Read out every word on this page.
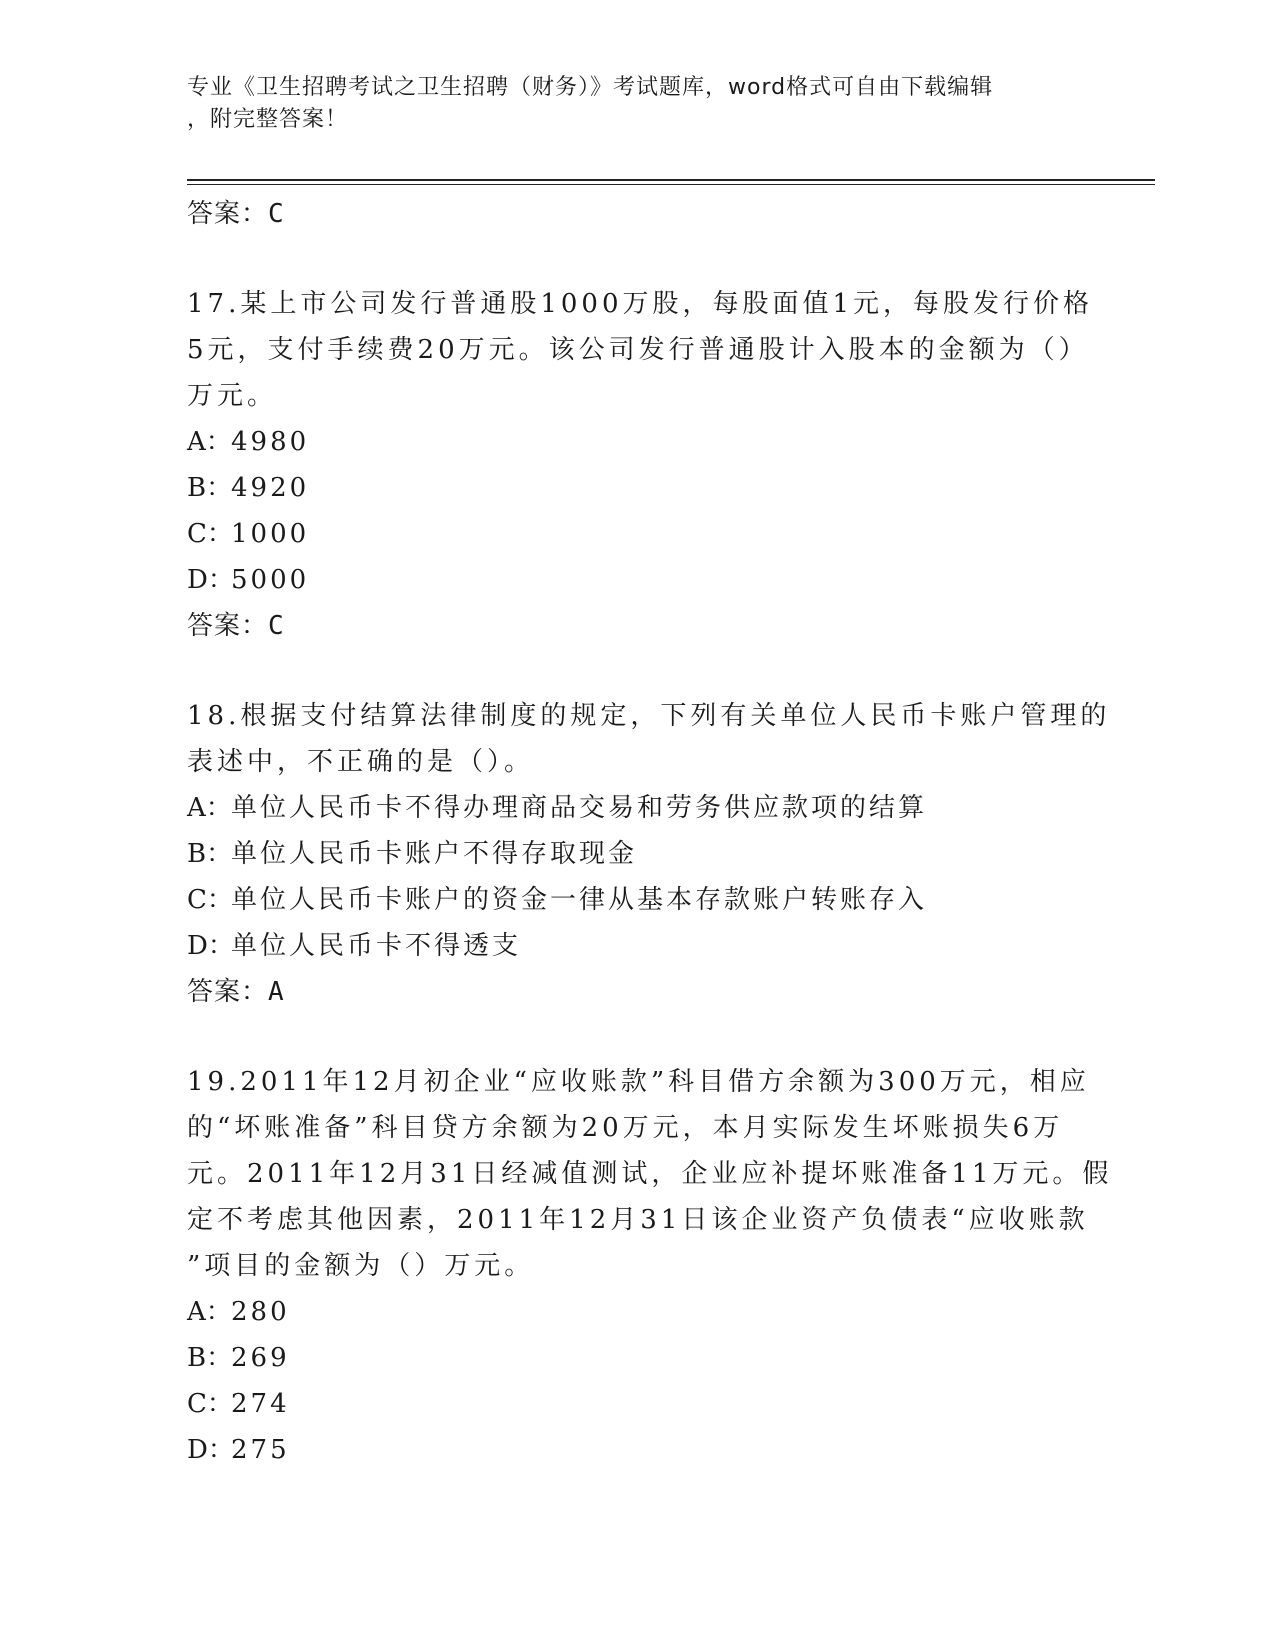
专业《卫生招聘考试之卫生招聘（财务）》考试题库，word格式可自由下载编辑
，附完整答案！
答案：C
17.某上市公司发行普通股1000万股，每股面值1元，每股发行价格
5元，支付手续费20万元。该公司发行普通股计入股本的金额为（）
万元。
A：4980
B：4920
C：1000
D：5000
答案：C
18.根据支付结算法律制度的规定，下列有关单位人民币卡账户管理的
表述中，不正确的是（）。
A：单位人民币卡不得办理商品交易和劳务供应款项的结算
B：单位人民币卡账户不得存取现金
C：单位人民币卡账户的资金一律从基本存款账户转账存入
D：单位人民币卡不得透支
答案：A
19.2011年12月初企业“应收账款”科目借方余额为300万元，相应
的“坏账准备”科目贷方余额为20万元，本月实际发生坏账损失6万
元。2011年12月31日经减值测试，企业应补提坏账准备11万元。假
定不考虑其他因素，2011年12月31日该企业资产负债表“应收账款
”项目的金额为（）万元。
A：280
B：269
C：274
D：275
